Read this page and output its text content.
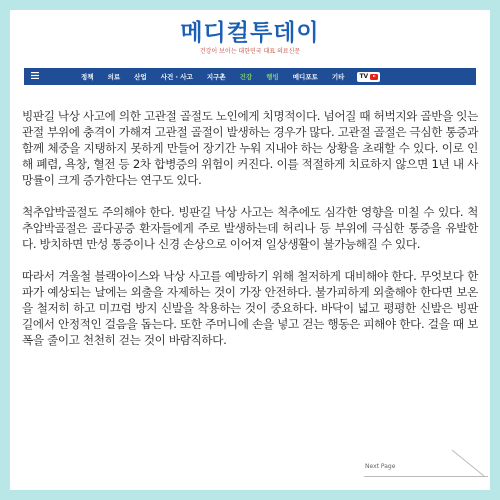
메디컬투데이
건강이 보이는 대한민국 대표 의료신문
정책	의료	산업	사건 · 사고	지구촌	건강	행빙	메디포토	기타	TV

빙판길 낙상 사고에 의한 고관절 골절도 노인에게 치명적이다. 넘어질 때 허벅지와 골반을 잇는 관절 부위에 충격이 가해져 고관절 골절이 발생하는 경우가 많다. 고관절 골절은 극심한 통증과 함께 체중을 지탱하지 못하게 만들어 장기간 누워 지내야 하는 상황을 초래할 수 있다. 이로 인해 폐렴, 욕창, 혈전 등 2차 합병증의 위험이 커진다. 이를 적절하게 치료하지 않으면 1년 내 사망률이 크게 증가한다는 연구도 있다.

척추압박골절도 주의해야 한다. 빙판길 낙상 사고는 척추에도 심각한 영향을 미칠 수 있다. 척추압박골절은 골다공증 환자들에게 주로 발생하는데 허리나 등 부위에 극심한 통증을 유발한다. 방치하면 만성 통증이나 신경 손상으로 이어져 일상생활이 불가능해질 수 있다.

따라서 겨울철 블랙아이스와 낙상 사고를 예방하기 위해 철저하게 대비해야 한다. 무엇보다 한파가 예상되는 날에는 외출을 자제하는 것이 가장 안전하다. 불가피하게 외출해야 한다면 보온을 철저히 하고 미끄럼 방지 신발을 착용하는 것이 중요하다. 바닥이 넓고 평평한 신발은 빙판길에서 안정적인 걸음을 돕는다. 또한 주머니에 손을 넣고 걷는 행동은 피해야 한다. 걸을 때 보폭을 줄이고 천천히 걷는 것이 바람직하다.

Next Page
